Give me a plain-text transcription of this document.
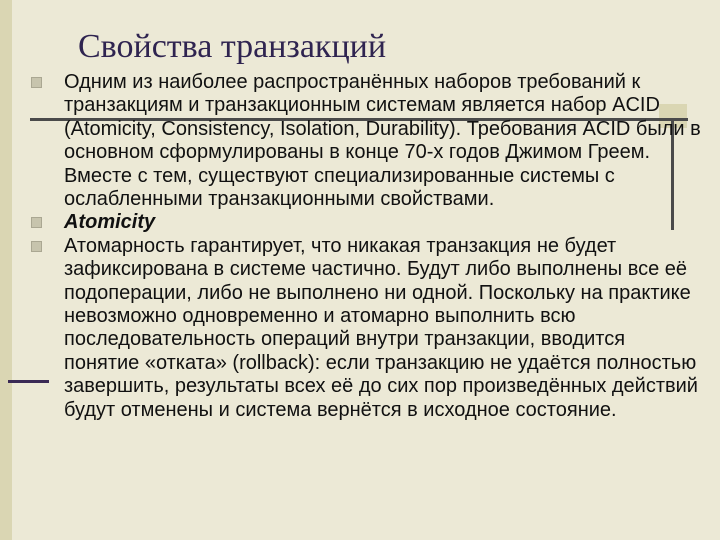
Свойства транзакций
Одним из наиболее распространённых наборов требований к транзакциям и транзакционным системам является набор ACID (Atomicity, Consistency, Isolation, Durability). Требования ACID были в основном сформулированы в конце 70-х годов Джимом Греем. Вместе с тем, существуют специализированные системы с ослабленными транзакционными свойствами.
Atomicity
Атомарность гарантирует, что никакая транзакция не будет зафиксирована в системе частично. Будут либо выполнены все её подоперации, либо не выполнено ни одной. Поскольку на практике невозможно одновременно и атомарно выполнить всю последовательность операций внутри транзакции, вводится понятие «отката» (rollback): если транзакцию не удаётся полностью завершить, результаты всех её до сих пор произведённых действий будут отменены и система вернётся в исходное состояние.
